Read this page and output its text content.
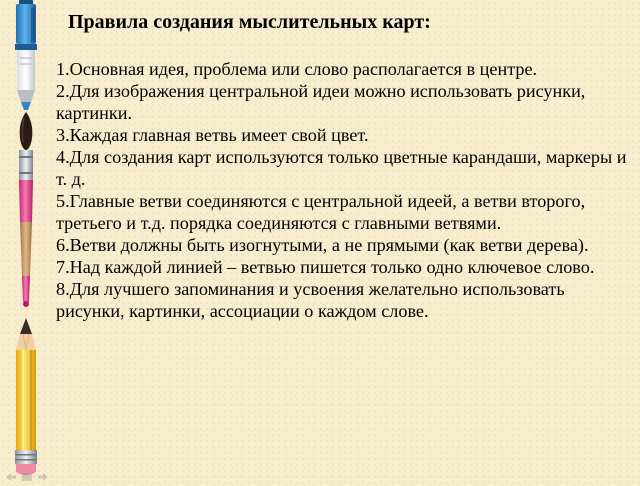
Правила создания мыслительных карт:
1.Основная идея, проблема или слово располагается в центре.
2.Для изображения центральной идеи можно использовать рисунки, картинки.
3.Каждая главная ветвь имеет свой цвет.
4.Для создания карт используются только цветные карандаши, маркеры и т. д.
5.Главные ветви соединяются с центральной идеей, а ветви второго, третьего и т.д. порядка соединяются с главными ветвями.
6.Ветви должны быть изогнутыми, а не прямыми (как ветви дерева).
7.Над каждой линией – ветвью пишется только одно ключевое слово.
8.Для лучшего запоминания и усвоения желательно использовать рисунки, картинки, ассоциации о каждом слове.
